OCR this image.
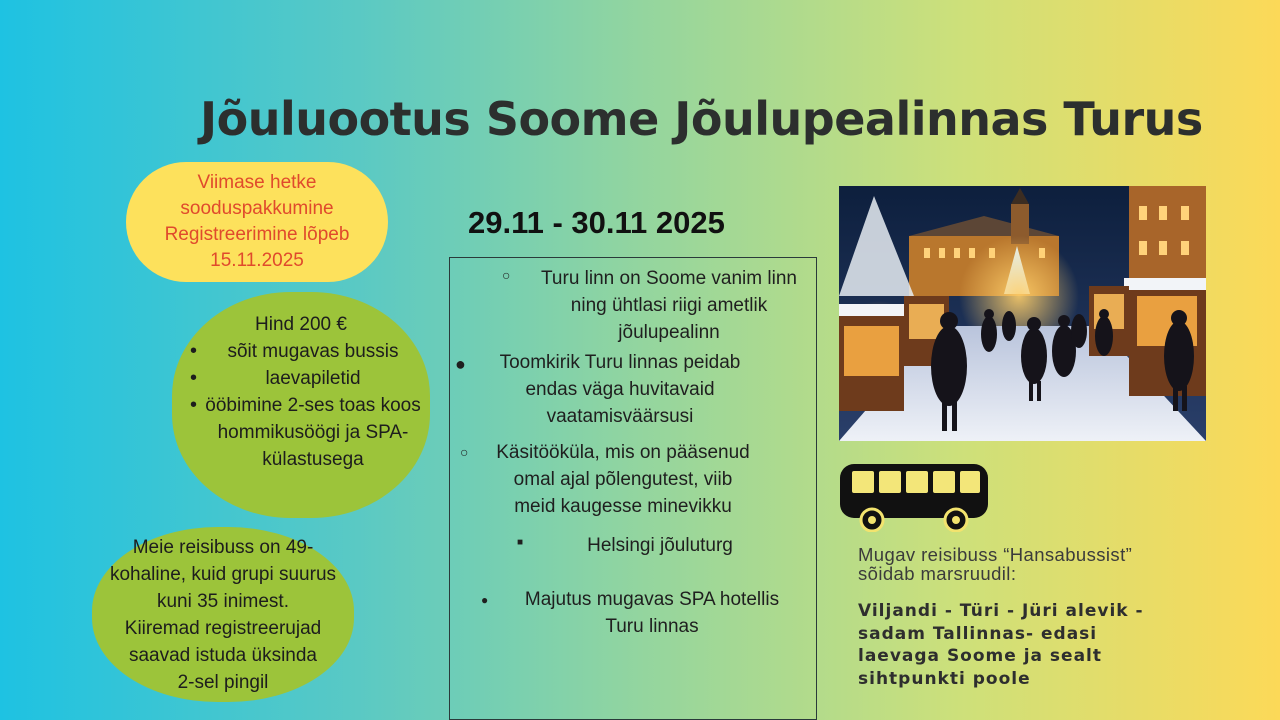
Jõuluootus Soome Jõulupealinnas Turus
Viimase hetke
sooduspakkumine
Registreerimine lõpeb
15.11.2025
Hind 200 €
• sõit mugavas bussis
• laevapiletid
• ööbimine 2-ses toas koos hommikusöögi ja SPA-külastusega
Meie reisibuss on 49-
kohaline, kuid grupi suurus
kuni 35 inimest.
Kiiremad registreerujad
saavad istuda üksinda
2-sel pingil
29.11 - 30.11 2025
○	Turu linn on Soome vanim linn
ning ühtlasi riigi ametlik
jõulupealinn
●	Toomkirik Turu linnas peidab
endas väga huvitavaid
vaatamisväärsusi
○	Käsitööküla, mis on pääsenud
omal ajal põlengutest, viib
meid kaugesse minevikku
■	Helsingi jõuluturg
●	Majutus mugavas SPA hotellis
Turu linnas
Mugav reisibuss “Hansabussist”
sõidab marsruudil:
Viljandi - Türi - Jüri alevik -
sadam Tallinnas- edasi
laevaga Soome ja sealt
sihtpunkti poole
